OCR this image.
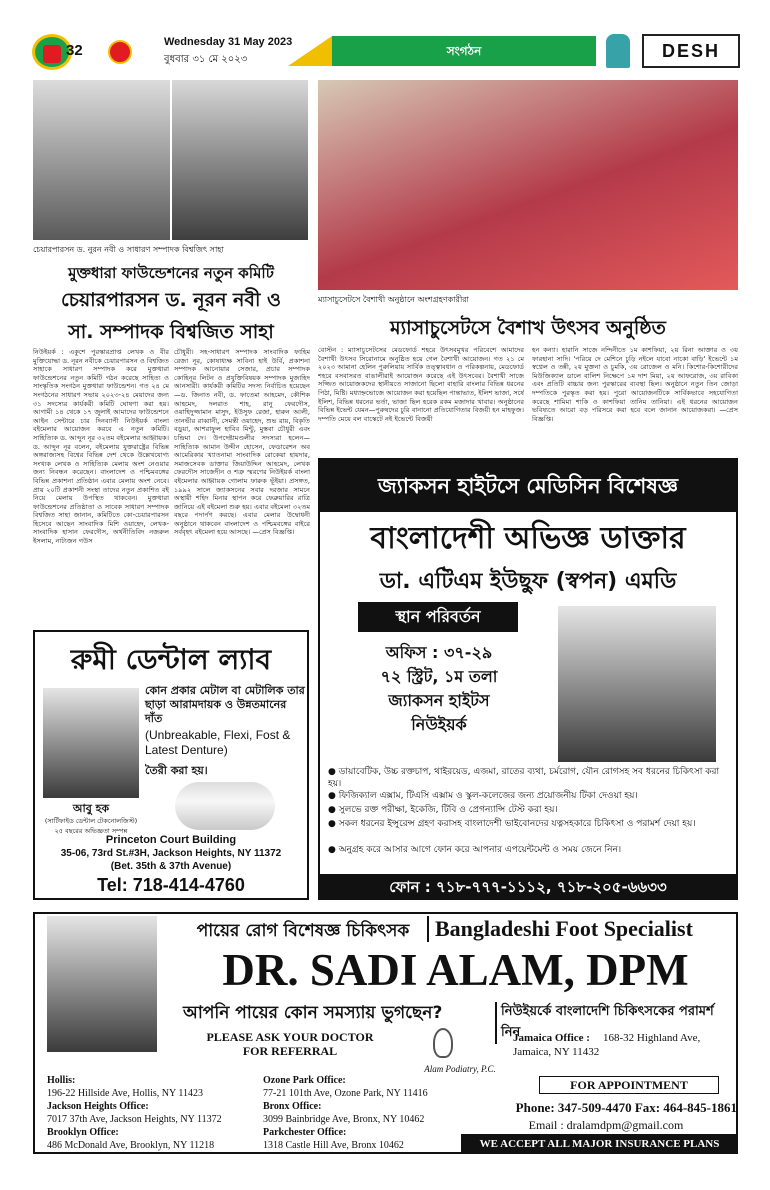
32	Wednesday 31 May 2023
বুধবার ৩১ মে ২০২৩
সংগঠন	DESH
চেয়ারপারসন ড. নুরন নবী ও সাধারণ সম্পাদক বিশ্বজিৎ সাহা
মুক্তধারা ফাউন্ডেশনের নতুন কমিটি
চেয়ারপারসন ড. নূরন নবী ও
সা. সম্পাদক বিশ্বজিত সাহা
নিউইয়র্ক : একুশে পুরস্কারপ্রাপ্ত লেখক ও বীর মুক্তিযোদ্ধা ড. নূরন নবীকে চেয়ারপারসন ও বিশ্বজিত সাহাকে সাধারণ সম্পাদক করে মুক্তধারা ফাউন্ডেশনের নতুন কমিটি গঠন করেছে সাহিত্য ও সাংস্কৃতিক সংগঠন মুক্তধারা ফাউন্ডেশন। গত ২৪ মে সংগঠনের সাধারণ সভায় ২০২৩-২৪ মেয়াদের জন্য ৩১ সদস্যের কার্যকরী কমিটি ঘোষণা করা হয়। আগামী ১৪ থেকে ১৭ জুলাই আমাদের ফাউন্ডেশনে আইন সেন্টারে চার দিনব্যাপী নিউইয়র্ক বাংলা বইমেলার আয়োজন করবে এ নতুন কমিটি। সাহিত্যিক ড. আব্দুন নূর ৩২তম বইমেলার আহ্বায়ক। ড. আব্দুন নূর বলেন, বইমেলায় যুক্তরাষ্ট্রের বিভিন্ন অঙ্গরাজ্যসহ বিশ্বের বিভিন্ন দেশ থেকে উল্লেখযোগ্য সংখ্যক লেখক ও সাহিত্যিক মেলায় অংশ নেওয়ার জন্য নিবন্ধন করেছেন। বাংলাদেশ ও পশ্চিমবঙ্গের বিভিন্ন প্রকাশনা প্রতিষ্ঠান এবার মেলায় অংশ নেবে। প্রায় ২০টি প্রকাশনী সংস্থা তাদের নতুন প্রকাশিত বই নিয়ে মেলায় উপস্থিত থাকবেন। মুক্তধারা ফাউন্ডেশনের প্রতিষ্ঠাতা ও সাবেক সাধারণ সম্পাদক বিশ্বজিত সাহা জানান, কমিটিতে কো-চেয়ারপারসন হিসেবে আছেন সাংবাদিক মিশি ওয়াহেদ, লেখক-সাংবাদিক হাসান ফেরদৌস, অর্থনীতিবিদ নজরুল ইসলাম, নাট্যজন গউস
চৌধুরী। সহ-সাধারণ সম্পাদক সাংবাদিক ফাহিম রেজা নূর, কোষাধ্যক্ষ সাবিনা হাই উর্বি, প্রকাশনা সম্পাদক আনোয়ার সেজার, প্রচার সম্পাদক কোহিনূর লিটন ও প্রযুক্তিবিষয়ক সম্পাদক মুজাহিদ আনসারী। কার্যকরী কমিটির সদস্য নির্বাচিত হয়েছেন—ড. জিনাত নবী, ড. ফাতেমা আহমেদ, কৌশিক আহমেদ, দলরাত শাহ, রানু ফেরদৌস, ওয়াহিদুজ্জামান মাসুদ, ইউসুফ রেজা, হারুন আলী, তানভীর রাব্বানী, সেমন্তী ওয়াহেদ, শুভ রায়, বিকৃতি বড়ুয়া, আশরাফুল হাবিব মিন্টু, মুস্তবা চৌধুরী এবং চন্দ্রিমা দে। উপদেষ্টামণ্ডলীর সদস্যরা হলেন—সাহিত্যিক আমান উদ্দীন হোসেন, ফেডারেশন অব আমেরিকার খ্যাতনামা সাংবাদিক রোকেয়া হায়দার, সমাজসেবক ডাক্তার জিয়াউদ্দিন আহমেদ, লেখক ফেরদৌস সাজেদীন ও শত্রু স্মরণের নিউইয়র্ক বাংলা বইমেলার আহ্বায়ক গোলাম ফারুক ভূঁইয়া। প্রসঙ্গত, ১৯৯২ সালে জ্যাকসনের সবার দরজার সামনে অস্থায়ী শহিদ মিনার স্থাপন করে ফেব্রুয়ারির রাত্রি জানিয়ে এই বইমেলা শুরু হয়। এবার বইমেলা ৩২তম বছরে পদার্পণ করছে। এবার মেলার উদ্বোধনী অনুষ্ঠানে থাকবেন বাংলাদেশ ও পশ্চিমবঙ্গের বাইরে সর্ববৃহৎ বইমেলা হয়ে আসছে। —প্রেস বিজ্ঞপ্তি।
ম্যাসাচুসেটসে বৈশাখী অনুষ্ঠানে অংশগ্রহণকারীরা
ম্যাসাচুসেটসে বৈশাখ উৎসব অনুষ্ঠিত
বোস্টন : ম্যাসাচুসেটসের মেডফোর্ড শহরে উৎসবমুখর পরিবেশে আমাদের বৈশাখী উৎসব সিরোনামে অনুষ্ঠিত হয়ে গেল বৈশাখী আয়োজন। গত ২১ মে ২০২৩ আমানা হেলিন পুরুলিয়ায় সার্বিক তত্ত্বাবধান ও পরিকল্পনায়, মেডফোর্ড শহরে বসবাসরত বাঙালীরাই আয়োজন করেছে এই উৎসবের। বৈশাখী সাজে সজ্জিত আয়োজকদের স্থানীয়তে সাজানো ছিলো বাহারি বাংলার বিভিন্ন ধরনের পিঠা, মিষ্টি। মধ্যাহ্নভোজে আয়োজন করা হয়েছিল পান্তাভাত, ইলিশ ভাজা, সর্ষে ইলিশ, বিভিন্ন ধরনের ভর্তা, ভাজা ছিল হরেক রকম মজাদার খাবার। অনুষ্ঠানের বিভিন্ন ইভেন্ট যেমন—পুরুষদের চুরি বানানো প্রতিযোগিতার বিজয়ী হন মাহফুজ। দম্পতি মেয়ে বল বাস্কেটে নই ইভেন্টে বিজয়ী
হন কন্যা। হারানি সাজে নন্দিনীতে ১ম কাশফিয়া, ২য় রিনা আক্তার ও ৩য় ফারহানা সাদি। 'পরিয়ে দে মেশিনে চুড়ি নইলে যাবো নাকো বাড়ি' ইভেন্টে ১ম স্বপ্নেল ও তন্নী, ২য় মুক্তনা ও চুমকি, ৩য় রোজেল ও মনি। কিশোর-কিশোরীদের মিউজিক্যাল ডালে বালিশ নিক্ষেপে ১ম দাশ মিয়া, ২য় আফরোজ, ৩য় রাবিকা এবং প্রতিটি বাচ্চার জন্য পুরস্কারের ব্যবস্থা ছিল। অনুষ্ঠানে নতুন তিন জোড়া দম্পতিকে পুরস্কৃত করা হয়। পুরো আয়োজনটিকে সার্বিকভাবে সহযোগিতা করেছে শামিমা শাকি ও কাশফিয়া তানিম তানিয়া। এই ধরনের আয়োজন ভবিষ্যতে আরো বড় পরিসরে করা হবে বলে জানান আয়োজকরা। —প্রেস বিজ্ঞপ্তি।
রুমী ডেন্টাল ল্যাব
কোন প্রকার মেটাল বা মেটালিক তার ছাড়া আরামদায়ক ও উন্নতমানের দাঁত
(Unbreakable, Flexi, Fost & Latest Denture)
তৈরী করা হয়।
আবু হক
(সার্টিফাইড ডেন্টাল টেকনোলজিস্ট)
২৫ বছরের অভিজ্ঞতা সম্পন্ন
Princeton Court Building
35-06, 73rd St.#3H, Jackson Heights, NY 11372
(Bet. 35th & 37th Avenue)
Tel: 718-414-4760
জ্যাকসন হাইটসে মেডিসিন বিশেষজ্ঞ
বাংলাদেশী অভিজ্ঞ ডাক্তার
ডা. এটিএম ইউছুফ (স্বপন) এমডি
স্থান পরিবর্তন
অফিস : ৩৭-২৯
৭২ স্ট্রিট, ১ম তলা
জ্যাকসন হাইটস
নিউইয়র্ক
● ডায়াবেটিক, উচ্চ রক্তচাপ, থাইরয়েড, এজমা, রাতের ব্যথা, চর্মরোগ, যৌন রোগসহ সব ধরনের চিকিৎসা করা হয়।
● ফিজিক্যাল এক্সাম, টিএসি এক্সাম ও স্কুল-কলেজের জন্য প্রয়োজনীয় টিকা দেওয়া হয়।
● সুলভে রক্ত পরীক্ষা, ইকেজি, টিবি ও প্রেগন্যান্সি টেস্ট করা হয়।
● সকল ধরনের ইন্সুরেন্স গ্রহণ করাসহ বাংলাদেশী ভাইবোনদের যত্নসহকারে চিকিৎসা ও পরামর্শ দেয়া হয়।
● অনুগ্রহ করে আসার আগে ফোন করে আপনার এপয়েন্টমেন্ট ও সময় জেনে নিন।
ফোন : ৭১৮-৭৭৭-১১১২, ৭১৮-২০৫-৬৬৩৩
পায়ের রোগ বিশেষজ্ঞ চিকিৎসক	Bangladeshi Foot Specialist
DR. SADI ALAM, DPM
আপনি পায়ের কোন সমস্যায় ভুগছেন?	নিউইয়র্কে বাংলাদেশি চিকিৎসকের পরামর্শ নিন
PLEASE ASK YOUR DOCTOR
FOR REFERRAL
Alam Podiatry, P.C.
Jamaica Office :	168-32 Highland Ave,
Jamaica, NY 11432
Hollis:
196-22 Hillside Ave, Hollis, NY 11423
Jackson Heights Office:
7017 37th Ave, Jackson Heights, NY 11372
Brooklyn Office:
486 McDonald Ave, Brooklyn, NY 11218
Ozone Park Office:
77-21 101th Ave, Ozone Park, NY 11416
Bronx Office:
3099 Bainbridge Ave, Bronx, NY 10462
Parkchester Office:
1318 Castle Hill Ave, Bronx 10462
FOR APPOINTMENT
Phone: 347-509-4470 Fax: 464-845-1861
Email : dralamdpm@gmail.com
WE ACCEPT ALL MAJOR INSURANCE PLANS
